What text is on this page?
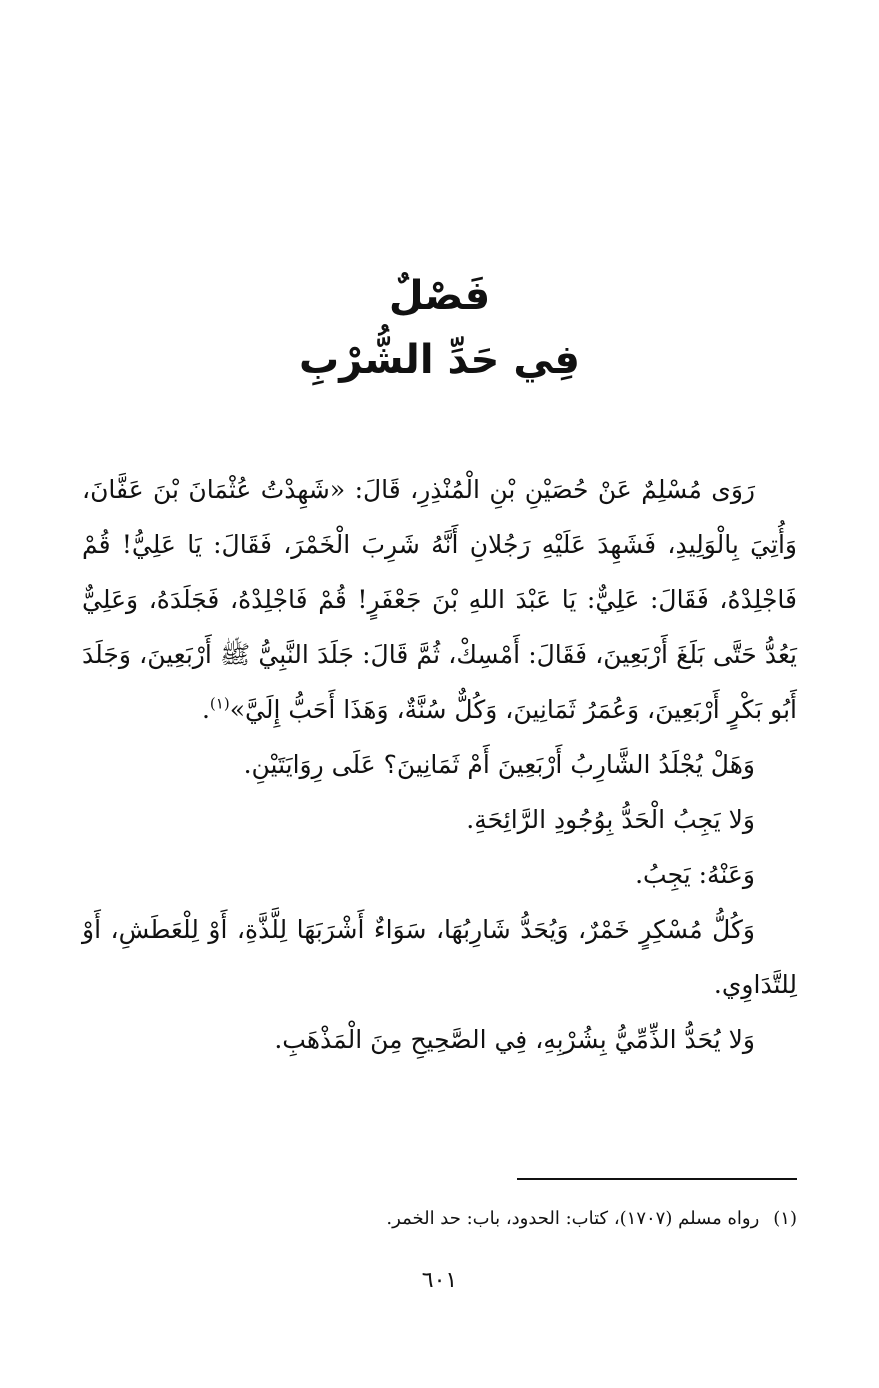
فَصْلٌ
فِي حَدِّ الشُّرْبِ

رَوَى مُسْلِمٌ عَنْ حُصَيْنِ بْنِ الْمُنْذِرِ، قَالَ: «شَهِدْتُ عُثْمَانَ بْنَ عَفَّانَ، وَأُتِيَ بِالْوَلِيدِ، فَشَهِدَ عَلَيْهِ رَجُلانِ أَنَّهُ شَرِبَ الْخَمْرَ، فَقَالَ: يَا عَلِيُّ! قُمْ فَاجْلِدْهُ، فَقَالَ: عَلِيٌّ: يَا عَبْدَ اللهِ بْنَ جَعْفَرٍ! قُمْ فَاجْلِدْهُ، فَجَلَدَهُ، وَعَلِيٌّ يَعُدُّ حَتَّى بَلَغَ أَرْبَعِينَ، فَقَالَ: أَمْسِكْ، ثُمَّ قَالَ: جَلَدَ النَّبِيُّ ﷺ أَرْبَعِينَ، وَجَلَدَ أَبُو بَكْرٍ أَرْبَعِينَ، وَعُمَرُ ثَمَانِينَ، وَكُلٌّ سُنَّةٌ، وَهَذَا أَحَبُّ إِلَيَّ»$^{(١)}$.

وَهَلْ يُجْلَدُ الشَّارِبُ أَرْبَعِينَ أَمْ ثَمَانِينَ؟ عَلَى رِوَايَتَيْنِ.

وَلا يَجِبُ الْحَدُّ بِوُجُودِ الرَّائِحَةِ.

وَعَنْهُ: يَجِبُ.

وَكُلُّ مُسْكِرٍ خَمْرٌ، وَيُحَدُّ شَارِبُهَا، سَوَاءٌ أَشْرَبَهَا لِلَّذَّةِ، أَوْ لِلْعَطَشِ، أَوْ لِلتَّدَاوِي.

وَلا يُحَدُّ الذِّمِّيُّ بِشُرْبِهِ، فِي الصَّحِيحِ مِنَ الْمَذْهَبِ.

(١)رواه مسلم (١٧٠٧)، كتاب: الحدود، باب: حد الخمر.
٦٠١
